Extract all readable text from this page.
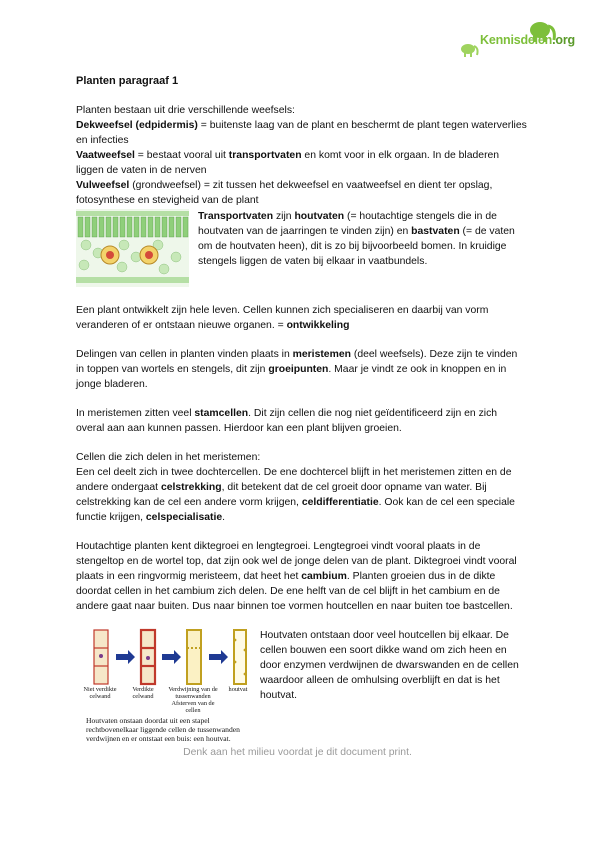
Kennisdelen.org
Planten paragraaf 1

Planten bestaan uit drie verschillende weefsels:

Dekweefsel (edpidermis) = buitenste laag van de plant en beschermt de plant tegen waterverlies en infecties

Vaatweefsel = bestaat vooral uit transportvaten en komt voor in elk orgaan. In de bladeren liggen de vaten in de nerven

Vulweefsel (grondweefsel) = zit tussen het dekweefsel en vaatweefsel en dient ter opslag, fotosynthese en stevigheid van de plant

Transportvaten zijn houtvaten (= houtachtige stengels die in de houtvaten van de jaarringen te vinden zijn) en bastvaten (= de vaten om de houtvaten heen), dit is zo bij bijvoorbeeld bomen. In kruidige stengels liggen de vaten bij elkaar in vaatbundels.

Een plant ontwikkelt zijn hele leven. Cellen kunnen zich specialiseren en daarbij van vorm veranderen of er ontstaan nieuwe organen. = ontwikkeling

Delingen van cellen in planten vinden plaats in meristemen (deel weefsels). Deze zijn te vinden in toppen van wortels en stengels, dit zijn groeipunten. Maar je vindt ze ook in knoppen en in jonge bladeren.

In meristemen zitten veel stamcellen. Dit zijn cellen die nog niet geïdentificeerd zijn en zich overal aan aan kunnen passen. Hierdoor kan een plant blijven groeien.

Cellen die zich delen in het meristemen:
Een cel deelt zich in twee dochtercellen. De ene dochtercel blijft in het meristemen zitten en de andere ondergaat celstrekking, dit betekent dat de cel groeit door opname van water. Bij celstrekking kan de cel een andere vorm krijgen, celdifferentiatie. Ook kan de cel een speciale functie krijgen, celspecialisatie.

Houtachtige planten kent diktegroei en lengtegroei. Lengtegroei vindt vooral plaats in de stengeltop en de wortel top, dat zijn ook wel de jonge delen van de plant. Diktegroei vindt vooral plaats in een ringvormig meristeem, dat heet het cambium. Planten groeien dus in de dikte doordat cellen in het cambium zich delen. De ene helft van de cel blijft in het cambium en de andere gaat naar buiten. Dus naar binnen toe vormen houtcellen en naar buiten toe bastcellen.

Niet verdikte celwand
Verdikte celwand
Verdwijning van de tussenwanden Afsterven van de cellen
houtvat
Houtvaten onstaan doordat uit een stapel rechtbovenelkaar liggende cellen de tussenwanden verdwijnen en er ontstaat een buis: een houtvat.
Houtvaten ontstaan door veel houtcellen bij elkaar. De cellen bouwen een soort dikke wand om zich heen en door enzymen verdwijnen de dwarswanden en de cellen waardoor alleen de omhulsing overblijft en dat is het houtvat.
Denk aan het milieu voordat je dit document print.
